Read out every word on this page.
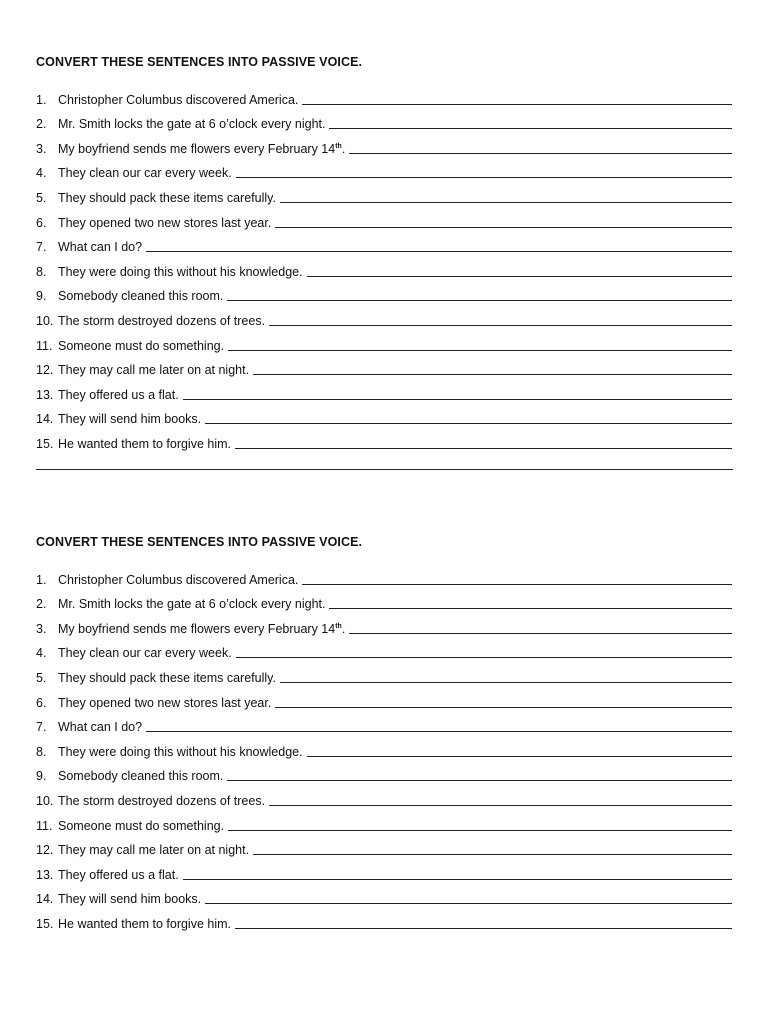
CONVERT THESE SENTENCES INTO PASSIVE VOICE.
1. Christopher Columbus discovered America.
2. Mr. Smith locks the gate at 6 o’clock every night.
3. My boyfriend sends me flowers every February 14th.
4. They clean our car every week.
5. They should pack these items carefully.
6. They opened two new stores last year.
7. What can I do?
8. They were doing this without his knowledge.
9. Somebody cleaned this room.
10. The storm destroyed dozens of trees.
11. Someone must do something.
12. They may call me later on at night.
13. They offered us a flat.
14. They will send him books.
15. He wanted them to forgive him.
CONVERT THESE SENTENCES INTO PASSIVE VOICE.
1. Christopher Columbus discovered America.
2. Mr. Smith locks the gate at 6 o’clock every night.
3. My boyfriend sends me flowers every February 14th.
4. They clean our car every week.
5. They should pack these items carefully.
6. They opened two new stores last year.
7. What can I do?
8. They were doing this without his knowledge.
9. Somebody cleaned this room.
10. The storm destroyed dozens of trees.
11. Someone must do something.
12. They may call me later on at night.
13. They offered us a flat.
14. They will send him books.
15. He wanted them to forgive him.
